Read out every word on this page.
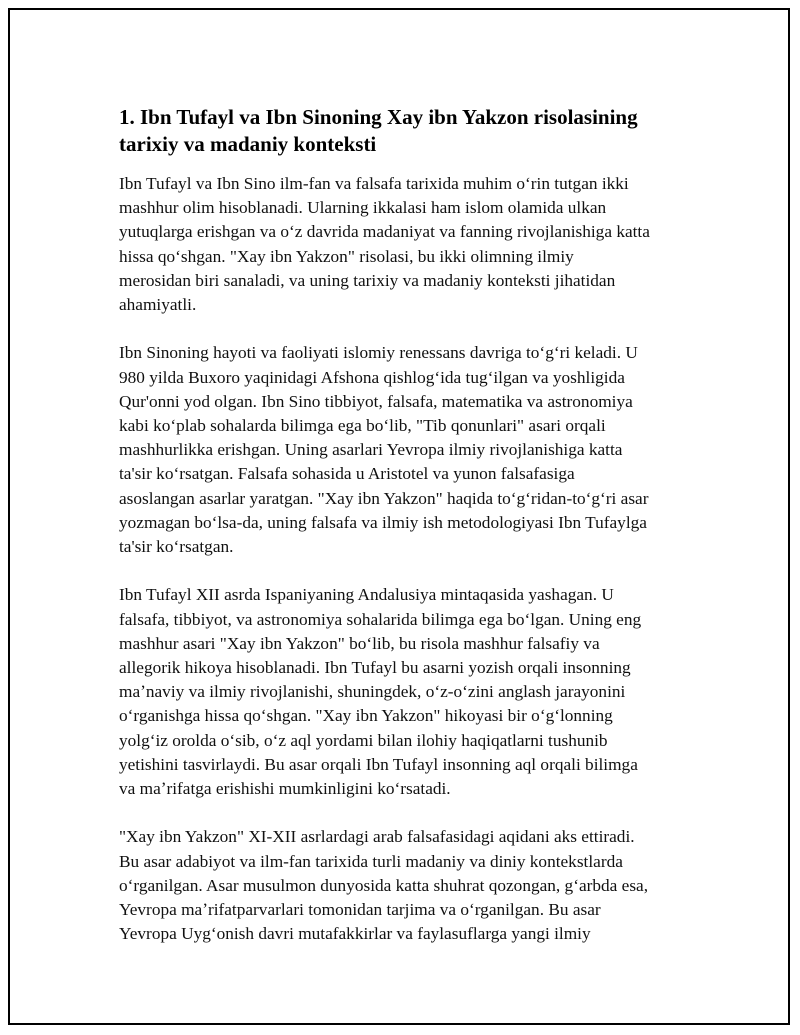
1. Ibn Tufayl va Ibn Sinoning Xay ibn Yakzon risolasining
tarixiy va madaniy konteksti
Ibn Tufayl va Ibn Sino ilm-fan va falsafa tarixida muhim oʻrin tutgan ikki
mashhur olim hisoblanadi. Ularning ikkalasi ham islom olamida ulkan
yutuqlarga erishgan va oʻz davrida madaniyat va fanning rivojlanishiga katta
hissa qoʻshgan. "Xay ibn Yakzon" risolasi, bu ikki olimning ilmiy
merosidan biri sanaladi, va uning tarixiy va madaniy konteksti jihatidan
ahamiyatli.
Ibn Sinoning hayoti va faoliyati islomiy renessans davriga toʻgʻri keladi. U
980 yilda Buxoro yaqinidagi Afshona qishlogʻida tugʻilgan va yoshligida
Qur'onni yod olgan. Ibn Sino tibbiyot, falsafa, matematika va astronomiya
kabi koʻplab sohalarda bilimga ega boʻlib, "Tib qonunlari" asari orqali
mashhurlikka erishgan. Uning asarlari Yevropa ilmiy rivojlanishiga katta
ta'sir koʻrsatgan. Falsafa sohasida u Aristotel va yunon falsafasiga
asoslangan asarlar yaratgan. "Xay ibn Yakzon" haqida toʻgʻridan-toʻgʻri asar
yozmagan boʻlsa-da, uning falsafa va ilmiy ish metodologiyasi Ibn Tufaylga
ta'sir koʻrsatgan.
Ibn Tufayl XII asrda Ispaniyaning Andalusiya mintaqasida yashagan. U
falsafa, tibbiyot, va astronomiya sohalarida bilimga ega boʻlgan. Uning eng
mashhur asari "Xay ibn Yakzon" boʻlib, bu risola mashhur falsafiy va
allegorik hikoya hisoblanadi. Ibn Tufayl bu asarni yozish orqali insonning
maʼnaviy va ilmiy rivojlanishi, shuningdek, oʻz-oʻzini anglash jarayonini
oʻrganishga hissa qoʻshgan. "Xay ibn Yakzon" hikoyasi bir oʻgʻlonning
yolgʻiz orolda oʻsib, oʻz aql yordami bilan ilohiy haqiqatlarni tushunib
yetishini tasvirlaydi. Bu asar orqali Ibn Tufayl insonning aql orqali bilimga
va maʼrifatga erishishi mumkinligini koʻrsatadi.
"Xay ibn Yakzon" XI-XII asrlardagi arab falsafasidagi aqidani aks ettiradi.
Bu asar adabiyot va ilm-fan tarixida turli madaniy va diniy kontekstlarda
oʻrganilgan. Asar musulmon dunyosida katta shuhrat qozongan, gʻarbda esa,
Yevropa maʼrifatparvarlari tomonidan tarjima va oʻrganilgan. Bu asar
Yevropa Uygʻonish davri mutafakkirlar va faylasuflarga yangi ilmiy
